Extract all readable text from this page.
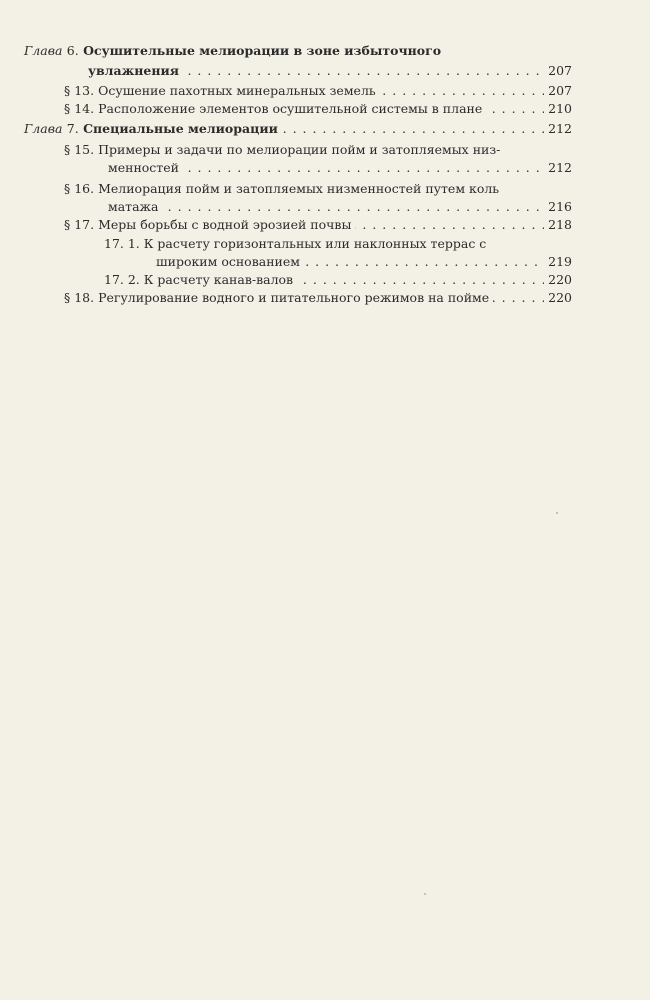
Глава 6. Осушительные мелиорации в зоне избыточного
. . .
увлажнения	207
. . .
§ 13. Осушение пахотных минеральных земель	207
. . .
§ 14. Расположение элементов осушительной системы в плане	210
. . .
Глава 7. Специальные мелиорации	212
§ 15. Примеры и задачи по мелиорации пойм и затопляемых низ-
. . .
менностей	212
§ 16. Мелиорация пойм и затопляемых низменностей путем коль
. . .
матажа	216
. . .
§ 17. Меры борьбы с водной эрозией почвы	218
17. 1. К расчету горизонтальных или наклонных террас с
. . .
широким основанием	219
. . .
17. 2. К расчету канав-валов	220
. . .
§ 18. Регулирование водного и питательного режимов на пойме	220
